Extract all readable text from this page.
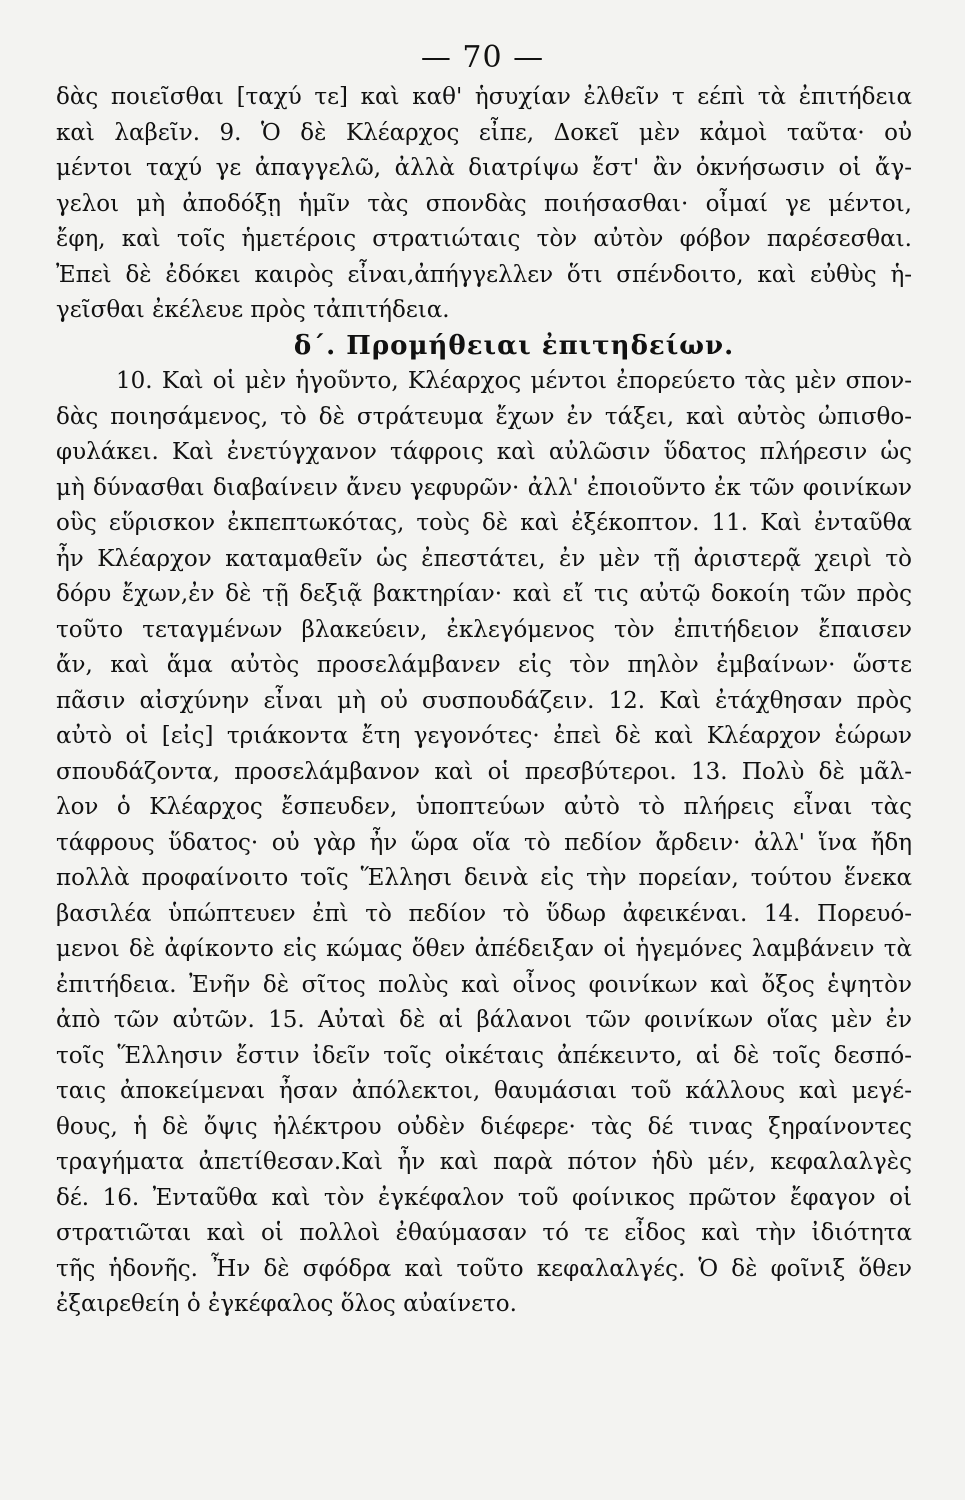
— 70 —
δὰς ποιεῖσθαι [ταχύ τε] καὶ καθ' ἡσυχίαν ἐλθεῖν τ εέπὶ τὰ ἐπιτήδεια
καὶ λαβεῖν. 9. Ὁ δὲ Κλέαρχος εἶπε, Δοκεῖ μὲν κἀμοὶ ταῦτα· οὐ
μέντοι ταχύ γε ἀπαγγελῶ, ἀλλὰ διατρίψω ἔστ' ἂν ὀκνήσωσιν οἱ ἄγ-
γελοι μὴ ἀποδόξῃ ἡμῖν τὰς σπονδὰς ποιήσασθαι· οἶμαί γε μέντοι,
ἔφη, καὶ τοῖς ἡμετέροις στρατιώταις τὸν αὐτὸν φόβον παρέσεσθαι.
Ἐπεὶ δὲ ἐδόκει καιρὸς εἶναι,ἀπήγγελλεν ὅτι σπένδοιτο, καὶ εὐθὺς ἡ-
γεῖσθαι ἐκέλευε πρὸς τἀπιτήδεια.
δ΄. Προμήθειαι ἐπιτηδείων.
10. Καὶ οἱ μὲν ἡγοῦντο, Κλέαρχος μέντοι ἐπορεύετο τὰς μὲν σπον-
δὰς ποιησάμενος, τὸ δὲ στράτευμα ἔχων ἐν τάξει, καὶ αὐτὸς ὠπισθο-
φυλάκει. Καὶ ἐνετύγχανον τάφροις καὶ αὐλῶσιν ὕδατος πλήρεσιν ὡς
μὴ δύνασθαι διαβαίνειν ἄνευ γεφυρῶν· ἀλλ' ἐποιοῦντο ἐκ τῶν φοινίκων
οὓς εὕρισκον ἐκπεπτωκότας, τοὺς δὲ καὶ ἐξέκοπτον. 11. Καὶ ἐνταῦθα
ἦν Κλέαρχον καταμαθεῖν ὡς ἐπεστάτει, ἐν μὲν τῇ ἀριστερᾷ χειρὶ τὸ
δόρυ ἔχων,ἐν δὲ τῇ δεξιᾷ βακτηρίαν· καὶ εἴ τις αὐτῷ δοκοίη τῶν πρὸς
τοῦτο τεταγμένων βλακεύειν, ἐκλεγόμενος τὸν ἐπιτήδειον ἔπαισεν
ἄν, καὶ ἅμα αὐτὸς προσελάμβανεν εἰς τὸν πηλὸν ἐμβαίνων· ὥστε
πᾶσιν αἰσχύνην εἶναι μὴ οὐ συσπουδάζειν. 12. Καὶ ἐτάχθησαν πρὸς
αὐτὸ οἱ [εἰς] τριάκοντα ἔτη γεγονότες· ἐπεὶ δὲ καὶ Κλέαρχον ἑώρων
σπουδάζοντα, προσελάμβανον καὶ οἱ πρεσβύτεροι. 13. Πολὺ δὲ μᾶλ-
λον ὁ Κλέαρχος ἔσπευδεν, ὑποπτεύων αὐτὸ τὸ πλήρεις εἶναι τὰς
τάφρους ὕδατος· οὐ γὰρ ἦν ὥρα οἵα τὸ πεδίον ἄρδειν· ἀλλ' ἵνα ἤδη
πολλὰ προφαίνοιτο τοῖς Ἕλλησι δεινὰ εἰς τὴν πορείαν, τούτου ἕνεκα
βασιλέα ὑπώπτευεν ἐπὶ τὸ πεδίον τὸ ὕδωρ ἀφεικέναι. 14. Πορευό-
μενοι δὲ ἀφίκοντο εἰς κώμας ὅθεν ἀπέδειξαν οἱ ἡγεμόνες λαμβάνειν τὰ
ἐπιτήδεια. Ἐνῆν δὲ σῖτος πολὺς καὶ οἶνος φοινίκων καὶ ὄξος ἑψητὸν
ἀπὸ τῶν αὐτῶν. 15. Αὐταὶ δὲ αἱ βάλανοι τῶν φοινίκων οἵας μὲν ἐν
τοῖς Ἕλλησιν ἔστιν ἰδεῖν τοῖς οἰκέταις ἀπέκειντο, αἱ δὲ τοῖς δεσπό-
ταις ἀποκείμεναι ἦσαν ἀπόλεκτοι, θαυμάσιαι τοῦ κάλλους καὶ μεγέ-
θους, ἡ δὲ ὄψις ἠλέκτρου οὐδὲν διέφερε· τὰς δέ τινας ξηραίνοντες
τραγήματα ἀπετίθεσαν.Καὶ ἦν καὶ παρὰ πότον ἡδὺ μέν, κεφαλαλγὲς
δέ. 16. Ἐνταῦθα καὶ τὸν ἐγκέφαλον τοῦ φοίνικος πρῶτον ἔφαγον οἱ
στρατιῶται καὶ οἱ πολλοὶ ἐθαύμασαν τό τε εἶδος καὶ τὴν ἰδιότητα
τῆς ἡδονῆς. Ἦν δὲ σφόδρα καὶ τοῦτο κεφαλαλγές. Ὁ δὲ φοῖνιξ ὅθεν
ἐξαιρεθείη ὁ ἐγκέφαλος ὅλος αὐαίνετο.
